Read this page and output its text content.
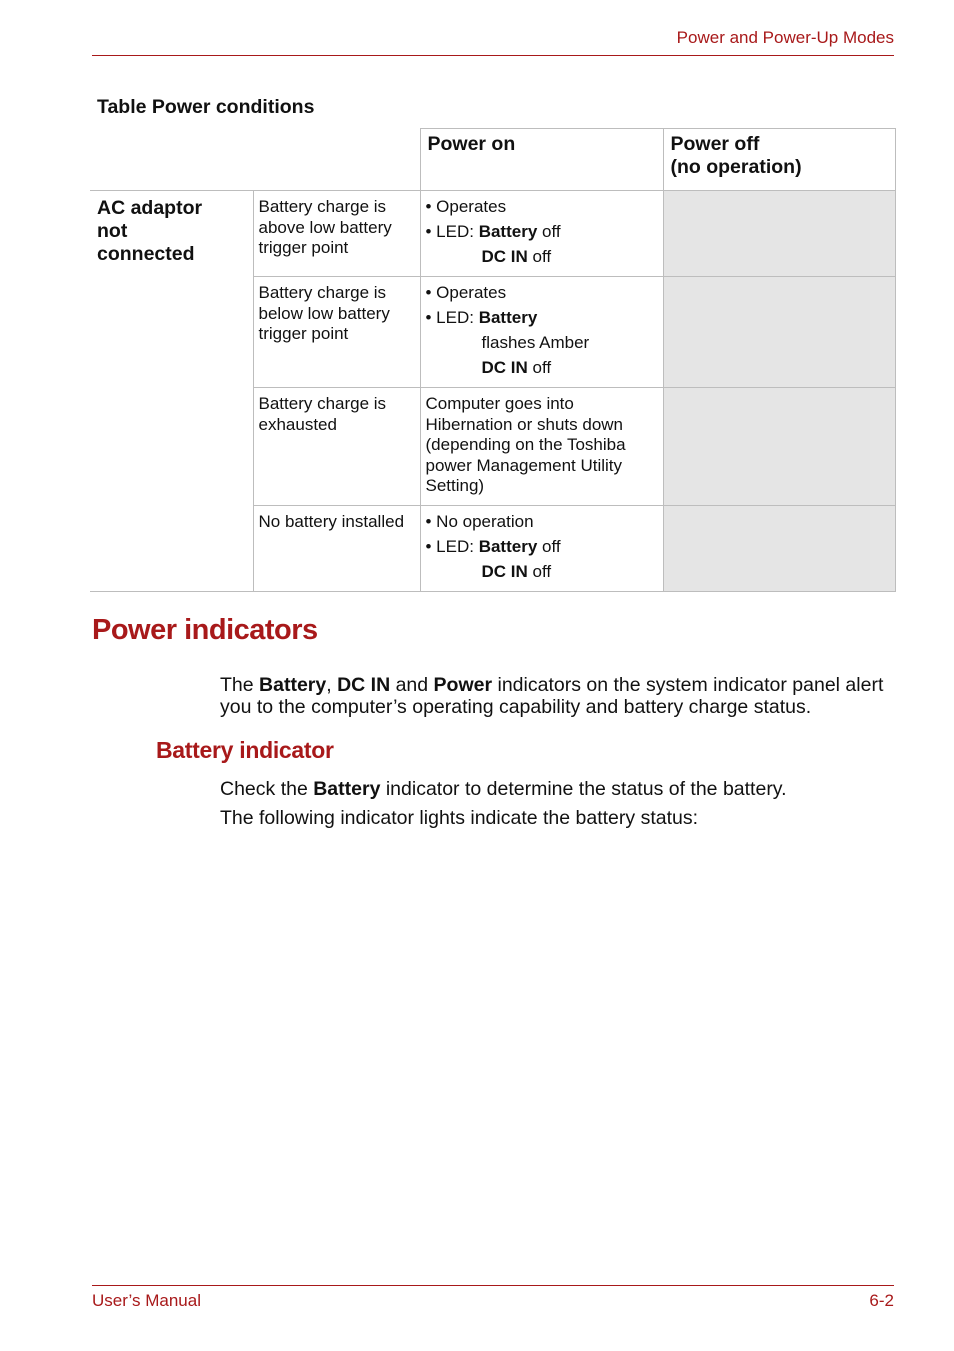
Power and Power-Up Modes
Table Power conditions
		Power on	Power off
(no operation)

AC adaptor
not
connected	Battery charge is above low battery trigger point	• Operates
• LED: Battery off
DC IN off	

	Battery charge is below low battery trigger point	• Operates
• LED: Battery
flashes Amber
DC IN off	

	Battery charge is exhausted	Computer goes into Hibernation or shuts down (depending on the Toshiba power Management Utility Setting)	
	No battery installed	• No operation
• LED: Battery off
DC IN off	

Power indicators
The Battery, DC IN and Power indicators on the system indicator panel alert you to the computer’s operating capability and battery charge status.
Battery indicator
Check the Battery indicator to determine the status of the battery.
The following indicator lights indicate the battery status:
User’s Manual	6-2
